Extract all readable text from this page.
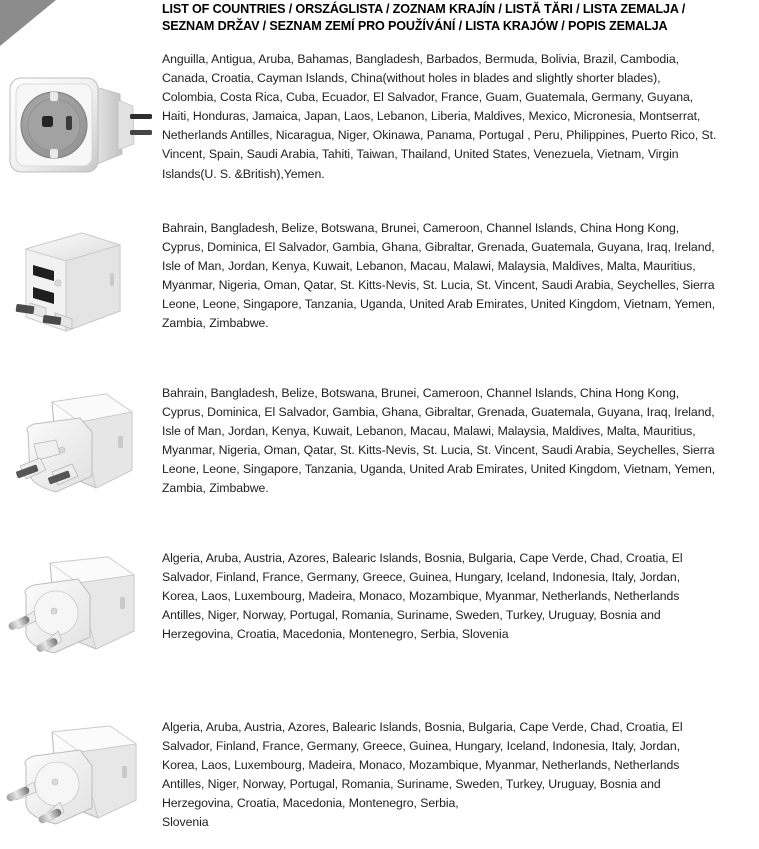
LIST OF COUNTRIES / ORSZÁGLISTA / ZOZNAM KRAJÍN / LISTĂ TĂRI / LISTA ZEMALJA /
SEZNAM DRŽAV / SEZNAM ZEMÍ PRO POUŽÍVÁNÍ / LISTA KRAJÓW / POPIS ZEMALJA
Anguilla, Antigua, Aruba, Bahamas, Bangladesh, Barbados, Bermuda, Bolivia, Brazil, Cambodia, Canada, Croatia, Cayman Islands, China(without holes in blades and slightly shorter blades), Colombia, Costa Rica, Cuba, Ecuador, El Salvador, France, Guam, Guatemala, Germany, Guyana, Haiti, Honduras, Jamaica, Japan, Laos, Lebanon, Liberia, Maldives, Mexico, Micronesia, Montserrat, Netherlands Antilles, Nicaragua, Niger, Okinawa, Panama, Portugal , Peru, Philippines, Puerto Rico, St. Vincent, Spain, Saudi Arabia, Tahiti, Taiwan, Thailand, United States, Venezuela, Vietnam, Virgin Islands(U. S. &British),Yemen.
Bahrain, Bangladesh, Belize, Botswana, Brunei, Cameroon, Channel Islands, China Hong Kong, Cyprus, Dominica, El Salvador, Gambia, Ghana, Gibraltar, Grenada, Guatemala, Guyana, Iraq, Ireland, Isle of Man, Jordan, Kenya, Kuwait, Lebanon, Macau, Malawi, Malaysia, Maldives, Malta, Mauritius, Myanmar, Nigeria, Oman, Qatar, St. Kitts-Nevis, St. Lucia, St. Vincent, Saudi Arabia, Seychelles, Sierra Leone, Leone, Singapore, Tanzania, Uganda, United Arab Emirates, United Kingdom, Vietnam, Yemen, Zambia, Zimbabwe.
Bahrain, Bangladesh, Belize, Botswana, Brunei, Cameroon, Channel Islands, China Hong Kong, Cyprus, Dominica, El Salvador, Gambia, Ghana, Gibraltar, Grenada, Guatemala, Guyana, Iraq, Ireland, Isle of Man, Jordan, Kenya, Kuwait, Lebanon, Macau, Malawi, Malaysia, Maldives, Malta, Mauritius, Myanmar, Nigeria, Oman, Qatar, St. Kitts-Nevis, St. Lucia, St. Vincent, Saudi Arabia, Seychelles, Sierra Leone, Leone, Singapore, Tanzania, Uganda, United Arab Emirates, United Kingdom, Vietnam, Yemen, Zambia, Zimbabwe.
Algeria, Aruba, Austria, Azores, Balearic Islands, Bosnia, Bulgaria, Cape Verde, Chad, Croatia, El Salvador, Finland, France, Germany, Greece, Guinea, Hungary, Iceland, Indonesia, Italy, Jordan, Korea, Laos, Luxembourg, Madeira, Monaco, Mozambique, Myanmar, Netherlands, Netherlands Antilles, Niger, Norway, Portugal, Romania, Suriname, Sweden, Turkey, Uruguay, Bosnia and Herzegovina, Croatia, Macedonia, Montenegro, Serbia, Slovenia
Algeria, Aruba, Austria, Azores, Balearic Islands, Bosnia, Bulgaria, Cape Verde, Chad, Croatia, El Salvador, Finland, France, Germany, Greece, Guinea, Hungary, Iceland, Indonesia, Italy, Jordan, Korea, Laos, Luxembourg, Madeira, Monaco, Mozambique, Myanmar, Netherlands, Netherlands Antilles, Niger, Norway, Portugal, Romania, Suriname, Sweden, Turkey, Uruguay, Bosnia and Herzegovina, Croatia, Macedonia, Montenegro, Serbia,
Slovenia
